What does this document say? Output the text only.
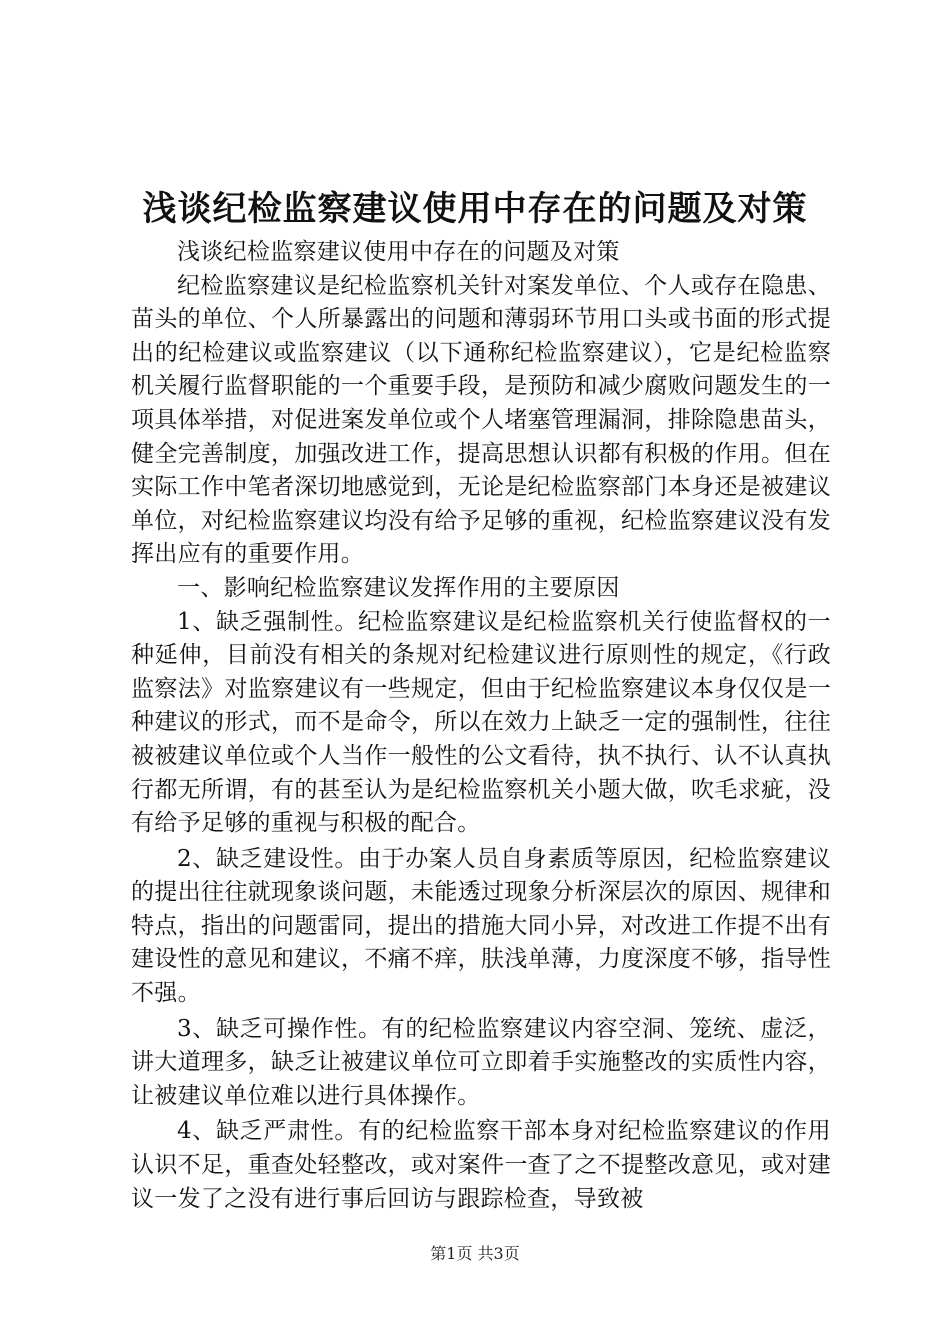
浅谈纪检监察建议使用中存在的问题及对策

浅谈纪检监察建议使用中存在的问题及对策

纪检监察建议是纪检监察机关针对案发单位、个人或存在隐患、苗头的单位、个人所暴露出的问题和薄弱环节用口头或书面的形式提出的纪检建议或监察建议（以下通称纪检监察建议），它是纪检监察机关履行监督职能的一个重要手段，是预防和减少腐败问题发生的一项具体举措，对促进案发单位或个人堵塞管理漏洞，排除隐患苗头，健全完善制度，加强改进工作，提高思想认识都有积极的作用。但在实际工作中笔者深切地感觉到，无论是纪检监察部门本身还是被建议单位，对纪检监察建议均没有给予足够的重视，纪检监察建议没有发挥出应有的重要作用。

一、影响纪检监察建议发挥作用的主要原因

1、缺乏强制性。纪检监察建议是纪检监察机关行使监督权的一种延伸，目前没有相关的条规对纪检建议进行原则性的规定，《行政监察法》对监察建议有一些规定，但由于纪检监察建议本身仅仅是一种建议的形式，而不是命令，所以在效力上缺乏一定的强制性，往往被被建议单位或个人当作一般性的公文看待，执不执行、认不认真执行都无所谓，有的甚至认为是纪检监察机关小题大做，吹毛求疵，没有给予足够的重视与积极的配合。

2、缺乏建设性。由于办案人员自身素质等原因，纪检监察建议的提出往往就现象谈问题，未能透过现象分析深层次的原因、规律和特点，指出的问题雷同，提出的措施大同小异，对改进工作提不出有建设性的意见和建议，不痛不痒，肤浅单薄，力度深度不够，指导性不强。

3、缺乏可操作性。有的纪检监察建议内容空洞、笼统、虚泛，讲大道理多，缺乏让被建议单位可立即着手实施整改的实质性内容，让被建议单位难以进行具体操作。

4、缺乏严肃性。有的纪检监察干部本身对纪检监察建议的作用认识不足，重查处轻整改，或对案件一查了之不提整改意见，或对建议一发了之没有进行事后回访与跟踪检查，导致被

第1页 共3页
